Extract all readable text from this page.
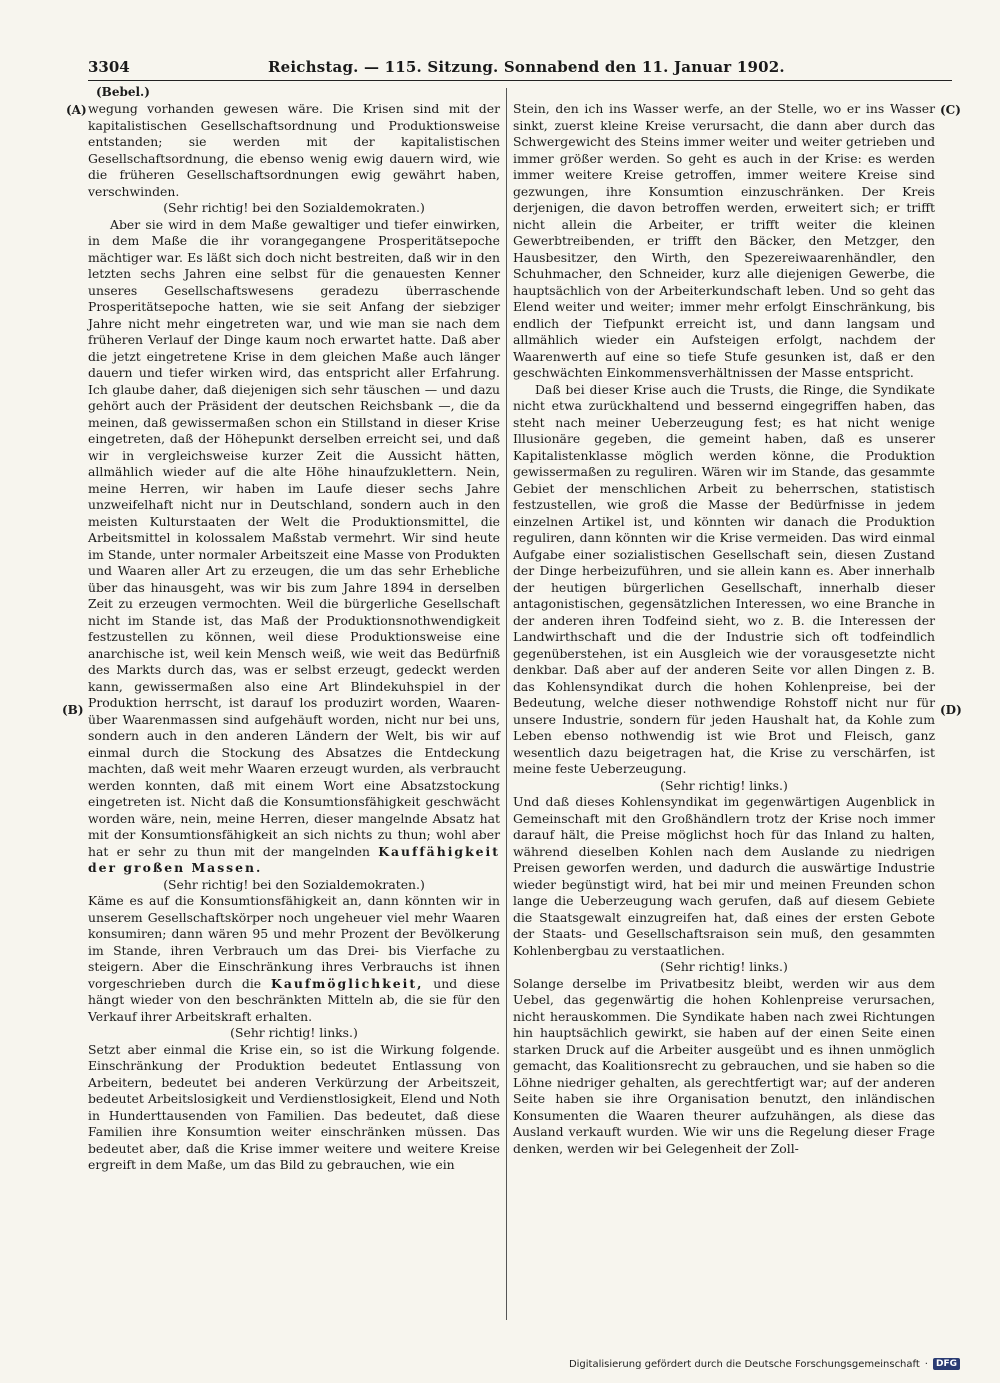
3304	Reichstag. — 115. Sitzung. Sonnabend den 11. Januar 1902.
(Bebel.)
(A)
(B)
(C)
(D)

wegung vorhanden gewesen wäre. Die Krisen sind mit der kapitalistischen Gesellschaftsordnung und Produktionsweise entstanden; sie werden mit der kapitalistischen Gesellschaftsordnung, die ebenso wenig ewig dauern wird, wie die früheren Gesellschaftsordnungen ewig gewährt haben, verschwinden.

(Sehr richtig! bei den Sozialdemokraten.)

Aber sie wird in dem Maße gewaltiger und tiefer einwirken, in dem Maße die ihr vorangegangene Prosperitätsepoche mächtiger war. Es läßt sich doch nicht bestreiten, daß wir in den letzten sechs Jahren eine selbst für die genauesten Kenner unseres Gesellschaftswesens geradezu überraschende Prosperitätsepoche hatten, wie sie seit Anfang der siebziger Jahre nicht mehr eingetreten war, und wie man sie nach dem früheren Verlauf der Dinge kaum noch erwartet hatte. Daß aber die jetzt eingetretene Krise in dem gleichen Maße auch länger dauern und tiefer wirken wird, das entspricht aller Erfahrung. Ich glaube daher, daß diejenigen sich sehr täuschen — und dazu gehört auch der Präsident der deutschen Reichsbank —, die da meinen, daß gewissermaßen schon ein Stillstand in dieser Krise eingetreten, daß der Höhepunkt derselben erreicht sei, und daß wir in vergleichsweise kurzer Zeit die Aussicht hätten, allmählich wieder auf die alte Höhe hinaufzuklettern. Nein, meine Herren, wir haben im Laufe dieser sechs Jahre unzweifelhaft nicht nur in Deutschland, sondern auch in den meisten Kulturstaaten der Welt die Produktionsmittel, die Arbeitsmittel in kolossalem Maßstab vermehrt. Wir sind heute im Stande, unter normaler Arbeitszeit eine Masse von Produkten und Waaren aller Art zu erzeugen, die um das sehr Erhebliche über das hinausgeht, was wir bis zum Jahre 1894 in derselben Zeit zu erzeugen vermochten. Weil die bürgerliche Gesellschaft nicht im Stande ist, das Maß der Produktionsnothwendigkeit festzustellen zu können, weil diese Produktionsweise eine anarchische ist, weil kein Mensch weiß, wie weit das Bedürfniß des Markts durch das, was er selbst erzeugt, gedeckt werden kann, gewissermaßen also eine Art Blindekuhspiel in der Produktion herrscht, ist darauf los produzirt worden, Waaren- über Waarenmassen sind aufgehäuft worden, nicht nur bei uns, sondern auch in den anderen Ländern der Welt, bis wir auf einmal durch die Stockung des Absatzes die Entdeckung machten, daß weit mehr Waaren erzeugt wurden, als verbraucht werden konnten, daß mit einem Wort eine Absatzstockung eingetreten ist. Nicht daß die Konsumtionsfähigkeit geschwächt worden wäre, nein, meine Herren, dieser mangelnde Absatz hat mit der Konsumtionsfähigkeit an sich nichts zu thun; wohl aber hat er sehr zu thun mit der mangelnden Kauffähigkeit der großen Massen.

(Sehr richtig! bei den Sozialdemokraten.)

Käme es auf die Konsumtionsfähigkeit an, dann könnten wir in unserem Gesellschaftskörper noch ungeheuer viel mehr Waaren konsumiren; dann wären 95 und mehr Prozent der Bevölkerung im Stande, ihren Verbrauch um das Drei- bis Vierfache zu steigern. Aber die Einschränkung ihres Verbrauchs ist ihnen vorgeschrieben durch die Kaufmöglichkeit, und diese hängt wieder von den beschränkten Mitteln ab, die sie für den Verkauf ihrer Arbeitskraft erhalten.

(Sehr richtig! links.)

Setzt aber einmal die Krise ein, so ist die Wirkung folgende. Einschränkung der Produktion bedeutet Entlassung von Arbeitern, bedeutet bei anderen Verkürzung der Arbeitszeit, bedeutet Arbeitslosigkeit und Verdienstlosigkeit, Elend und Noth in Hunderttausenden von Familien. Das bedeutet, daß diese Familien ihre Konsumtion weiter einschränken müssen. Das bedeutet aber, daß die Krise immer weitere und weitere Kreise ergreift in dem Maße, um das Bild zu gebrauchen, wie ein

Stein, den ich ins Wasser werfe, an der Stelle, wo er ins Wasser sinkt, zuerst kleine Kreise verursacht, die dann aber durch das Schwergewicht des Steins immer weiter und weiter getrieben und immer größer werden. So geht es auch in der Krise: es werden immer weitere Kreise getroffen, immer weitere Kreise sind gezwungen, ihre Konsumtion einzuschränken. Der Kreis derjenigen, die davon betroffen werden, erweitert sich; er trifft nicht allein die Arbeiter, er trifft weiter die kleinen Gewerbtreibenden, er trifft den Bäcker, den Metzger, den Hausbesitzer, den Wirth, den Spezereiwaarenhändler, den Schuhmacher, den Schneider, kurz alle diejenigen Gewerbe, die hauptsächlich von der Arbeiterkundschaft leben. Und so geht das Elend weiter und weiter; immer mehr erfolgt Einschränkung, bis endlich der Tiefpunkt erreicht ist, und dann langsam und allmählich wieder ein Aufsteigen erfolgt, nachdem der Waarenwerth auf eine so tiefe Stufe gesunken ist, daß er den geschwächten Einkommensverhältnissen der Masse entspricht.

Daß bei dieser Krise auch die Trusts, die Ringe, die Syndikate nicht etwa zurückhaltend und bessernd eingegriffen haben, das steht nach meiner Ueberzeugung fest; es hat nicht wenige Illusionäre gegeben, die gemeint haben, daß es unserer Kapitalistenklasse möglich werden könne, die Produktion gewissermaßen zu reguliren. Wären wir im Stande, das gesammte Gebiet der menschlichen Arbeit zu beherrschen, statistisch festzustellen, wie groß die Masse der Bedürfnisse in jedem einzelnen Artikel ist, und könnten wir danach die Produktion reguliren, dann könnten wir die Krise vermeiden. Das wird einmal Aufgabe einer sozialistischen Gesellschaft sein, diesen Zustand der Dinge herbeizuführen, und sie allein kann es. Aber innerhalb der heutigen bürgerlichen Gesellschaft, innerhalb dieser antagonistischen, gegensätzlichen Interessen, wo eine Branche in der anderen ihren Todfeind sieht, wo z. B. die Interessen der Landwirthschaft und die der Industrie sich oft todfeindlich gegenüberstehen, ist ein Ausgleich wie der vorausgesetzte nicht denkbar. Daß aber auf der anderen Seite vor allen Dingen z. B. das Kohlensyndikat durch die hohen Kohlenpreise, bei der Bedeutung, welche dieser nothwendige Rohstoff nicht nur für unsere Industrie, sondern für jeden Haushalt hat, da Kohle zum Leben ebenso nothwendig ist wie Brot und Fleisch, ganz wesentlich dazu beigetragen hat, die Krise zu verschärfen, ist meine feste Ueberzeugung.

(Sehr richtig! links.)

Und daß dieses Kohlensyndikat im gegenwärtigen Augenblick in Gemeinschaft mit den Großhändlern trotz der Krise noch immer darauf hält, die Preise möglichst hoch für das Inland zu halten, während dieselben Kohlen nach dem Auslande zu niedrigen Preisen geworfen werden, und dadurch die auswärtige Industrie wieder begünstigt wird, hat bei mir und meinen Freunden schon lange die Ueberzeugung wach gerufen, daß auf diesem Gebiete die Staatsgewalt einzugreifen hat, daß eines der ersten Gebote der Staats- und Gesellschaftsraison sein muß, den gesammten Kohlenbergbau zu verstaatlichen.

(Sehr richtig! links.)

Solange derselbe im Privatbesitz bleibt, werden wir aus dem Uebel, das gegenwärtig die hohen Kohlenpreise verursachen, nicht herauskommen. Die Syndikate haben nach zwei Richtungen hin hauptsächlich gewirkt, sie haben auf der einen Seite einen starken Druck auf die Arbeiter ausgeübt und es ihnen unmöglich gemacht, das Koalitionsrecht zu gebrauchen, und sie haben so die Löhne niedriger gehalten, als gerechtfertigt war; auf der anderen Seite haben sie ihre Organisation benutzt, den inländischen Konsumenten die Waaren theurer aufzuhängen, als diese das Ausland verkauft wurden. Wie wir uns die Regelung dieser Frage denken, werden wir bei Gelegenheit der Zoll-

Digitalisierung gefördert durch die Deutsche Forschungsgemeinschaft · DFG
